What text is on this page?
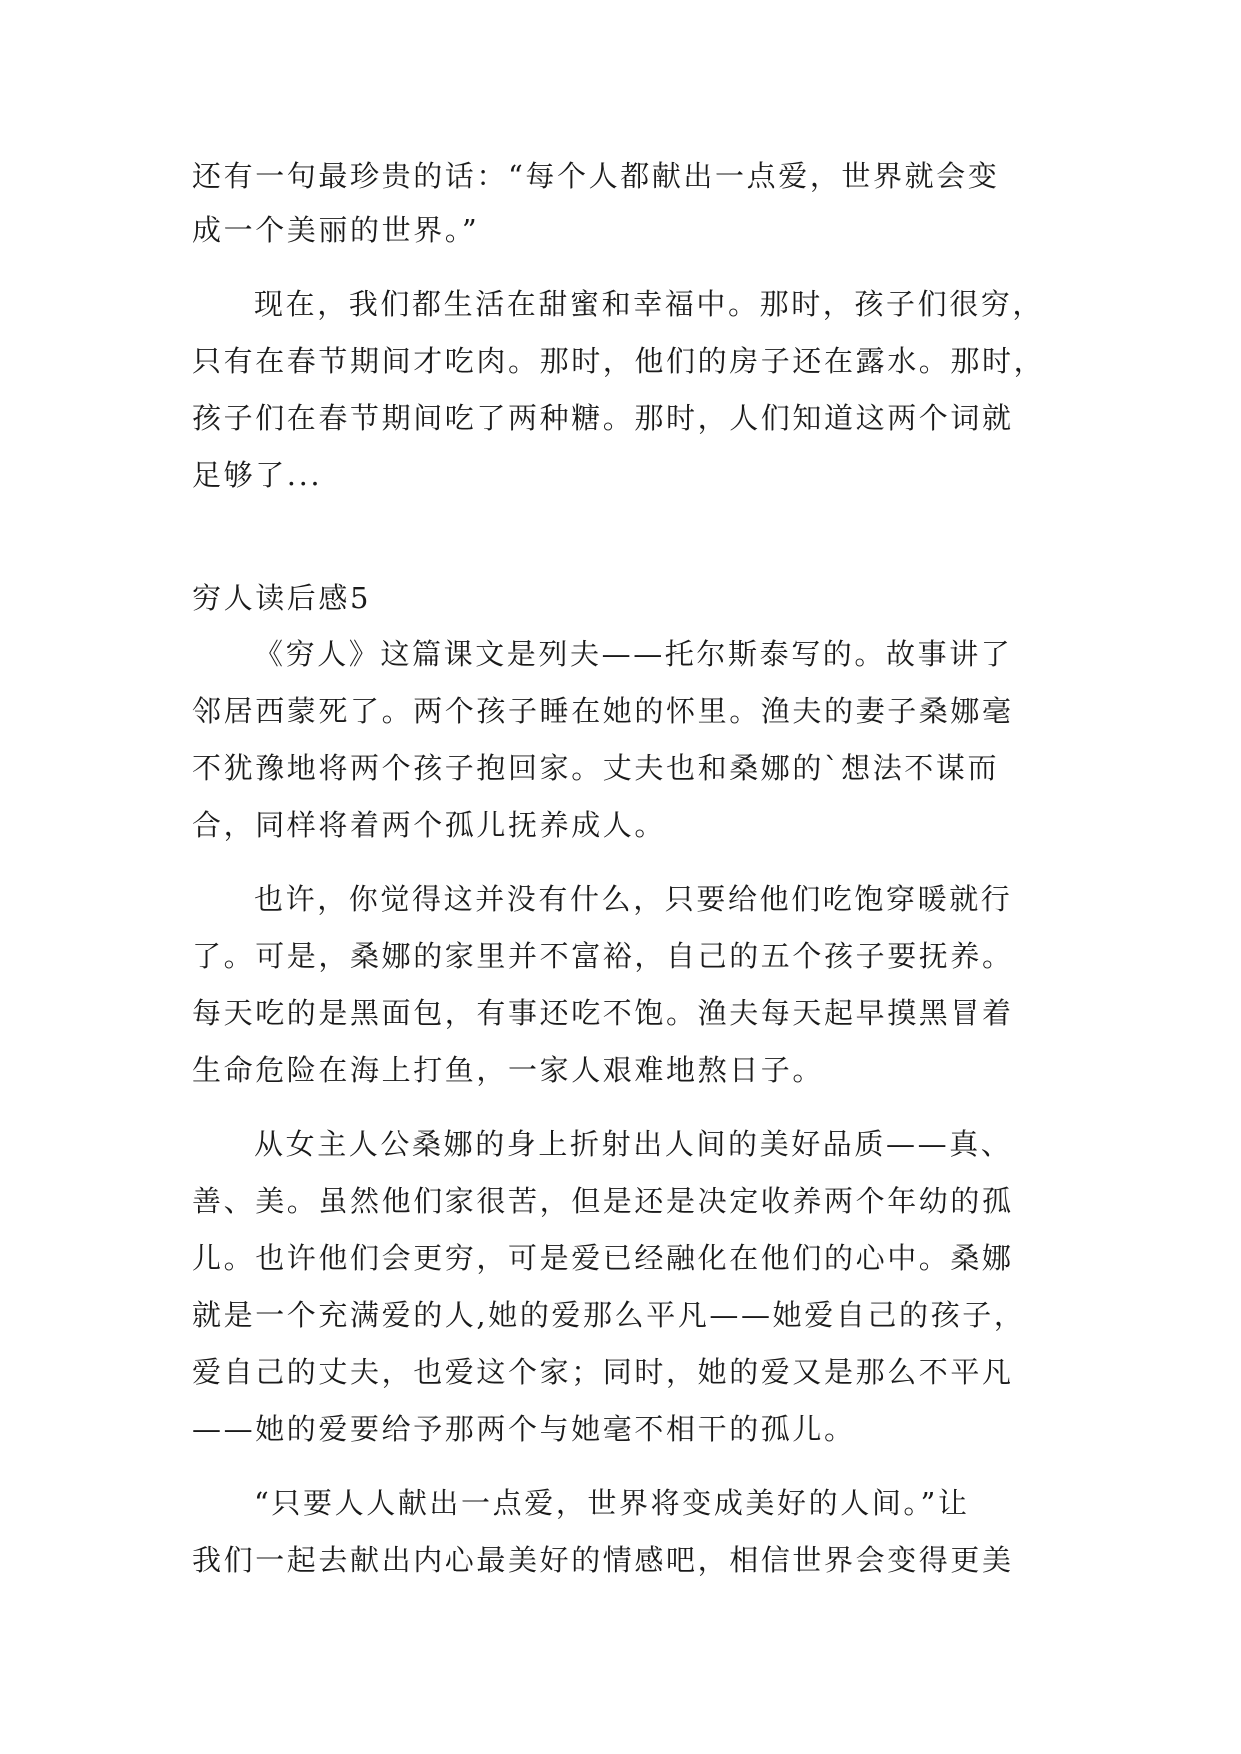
还有一句最珍贵的话：“每个人都献出一点爱，世界就会变
成一个美丽的世界。”
现在，我们都生活在甜蜜和幸福中。那时，孩子们很穷，
只有在春节期间才吃肉。那时，他们的房子还在露水。那时，
孩子们在春节期间吃了两种糖。那时，人们知道这两个词就
足够了...
穷人读后感5
《穷人》这篇课文是列夫——托尔斯泰写的。故事讲了
邻居西蒙死了。两个孩子睡在她的怀里。渔夫的妻子桑娜毫
不犹豫地将两个孩子抱回家。丈夫也和桑娜的`想法不谋而
合，同样将着两个孤儿抚养成人。
也许，你觉得这并没有什么，只要给他们吃饱穿暖就行
了。可是，桑娜的家里并不富裕，自己的五个孩子要抚养。
每天吃的是黑面包，有事还吃不饱。渔夫每天起早摸黑冒着
生命危险在海上打鱼，一家人艰难地熬日子。
从女主人公桑娜的身上折射出人间的美好品质——真、
善、美。虽然他们家很苦，但是还是决定收养两个年幼的孤
儿。也许他们会更穷，可是爱已经融化在他们的心中。桑娜
就是一个充满爱的人,她的爱那么平凡——她爱自己的孩子，
爱自己的丈夫，也爱这个家；同时，她的爱又是那么不平凡
——她的爱要给予那两个与她毫不相干的孤儿。
“只要人人献出一点爱，世界将变成美好的人间。”让
我们一起去献出内心最美好的情感吧，相信世界会变得更美
